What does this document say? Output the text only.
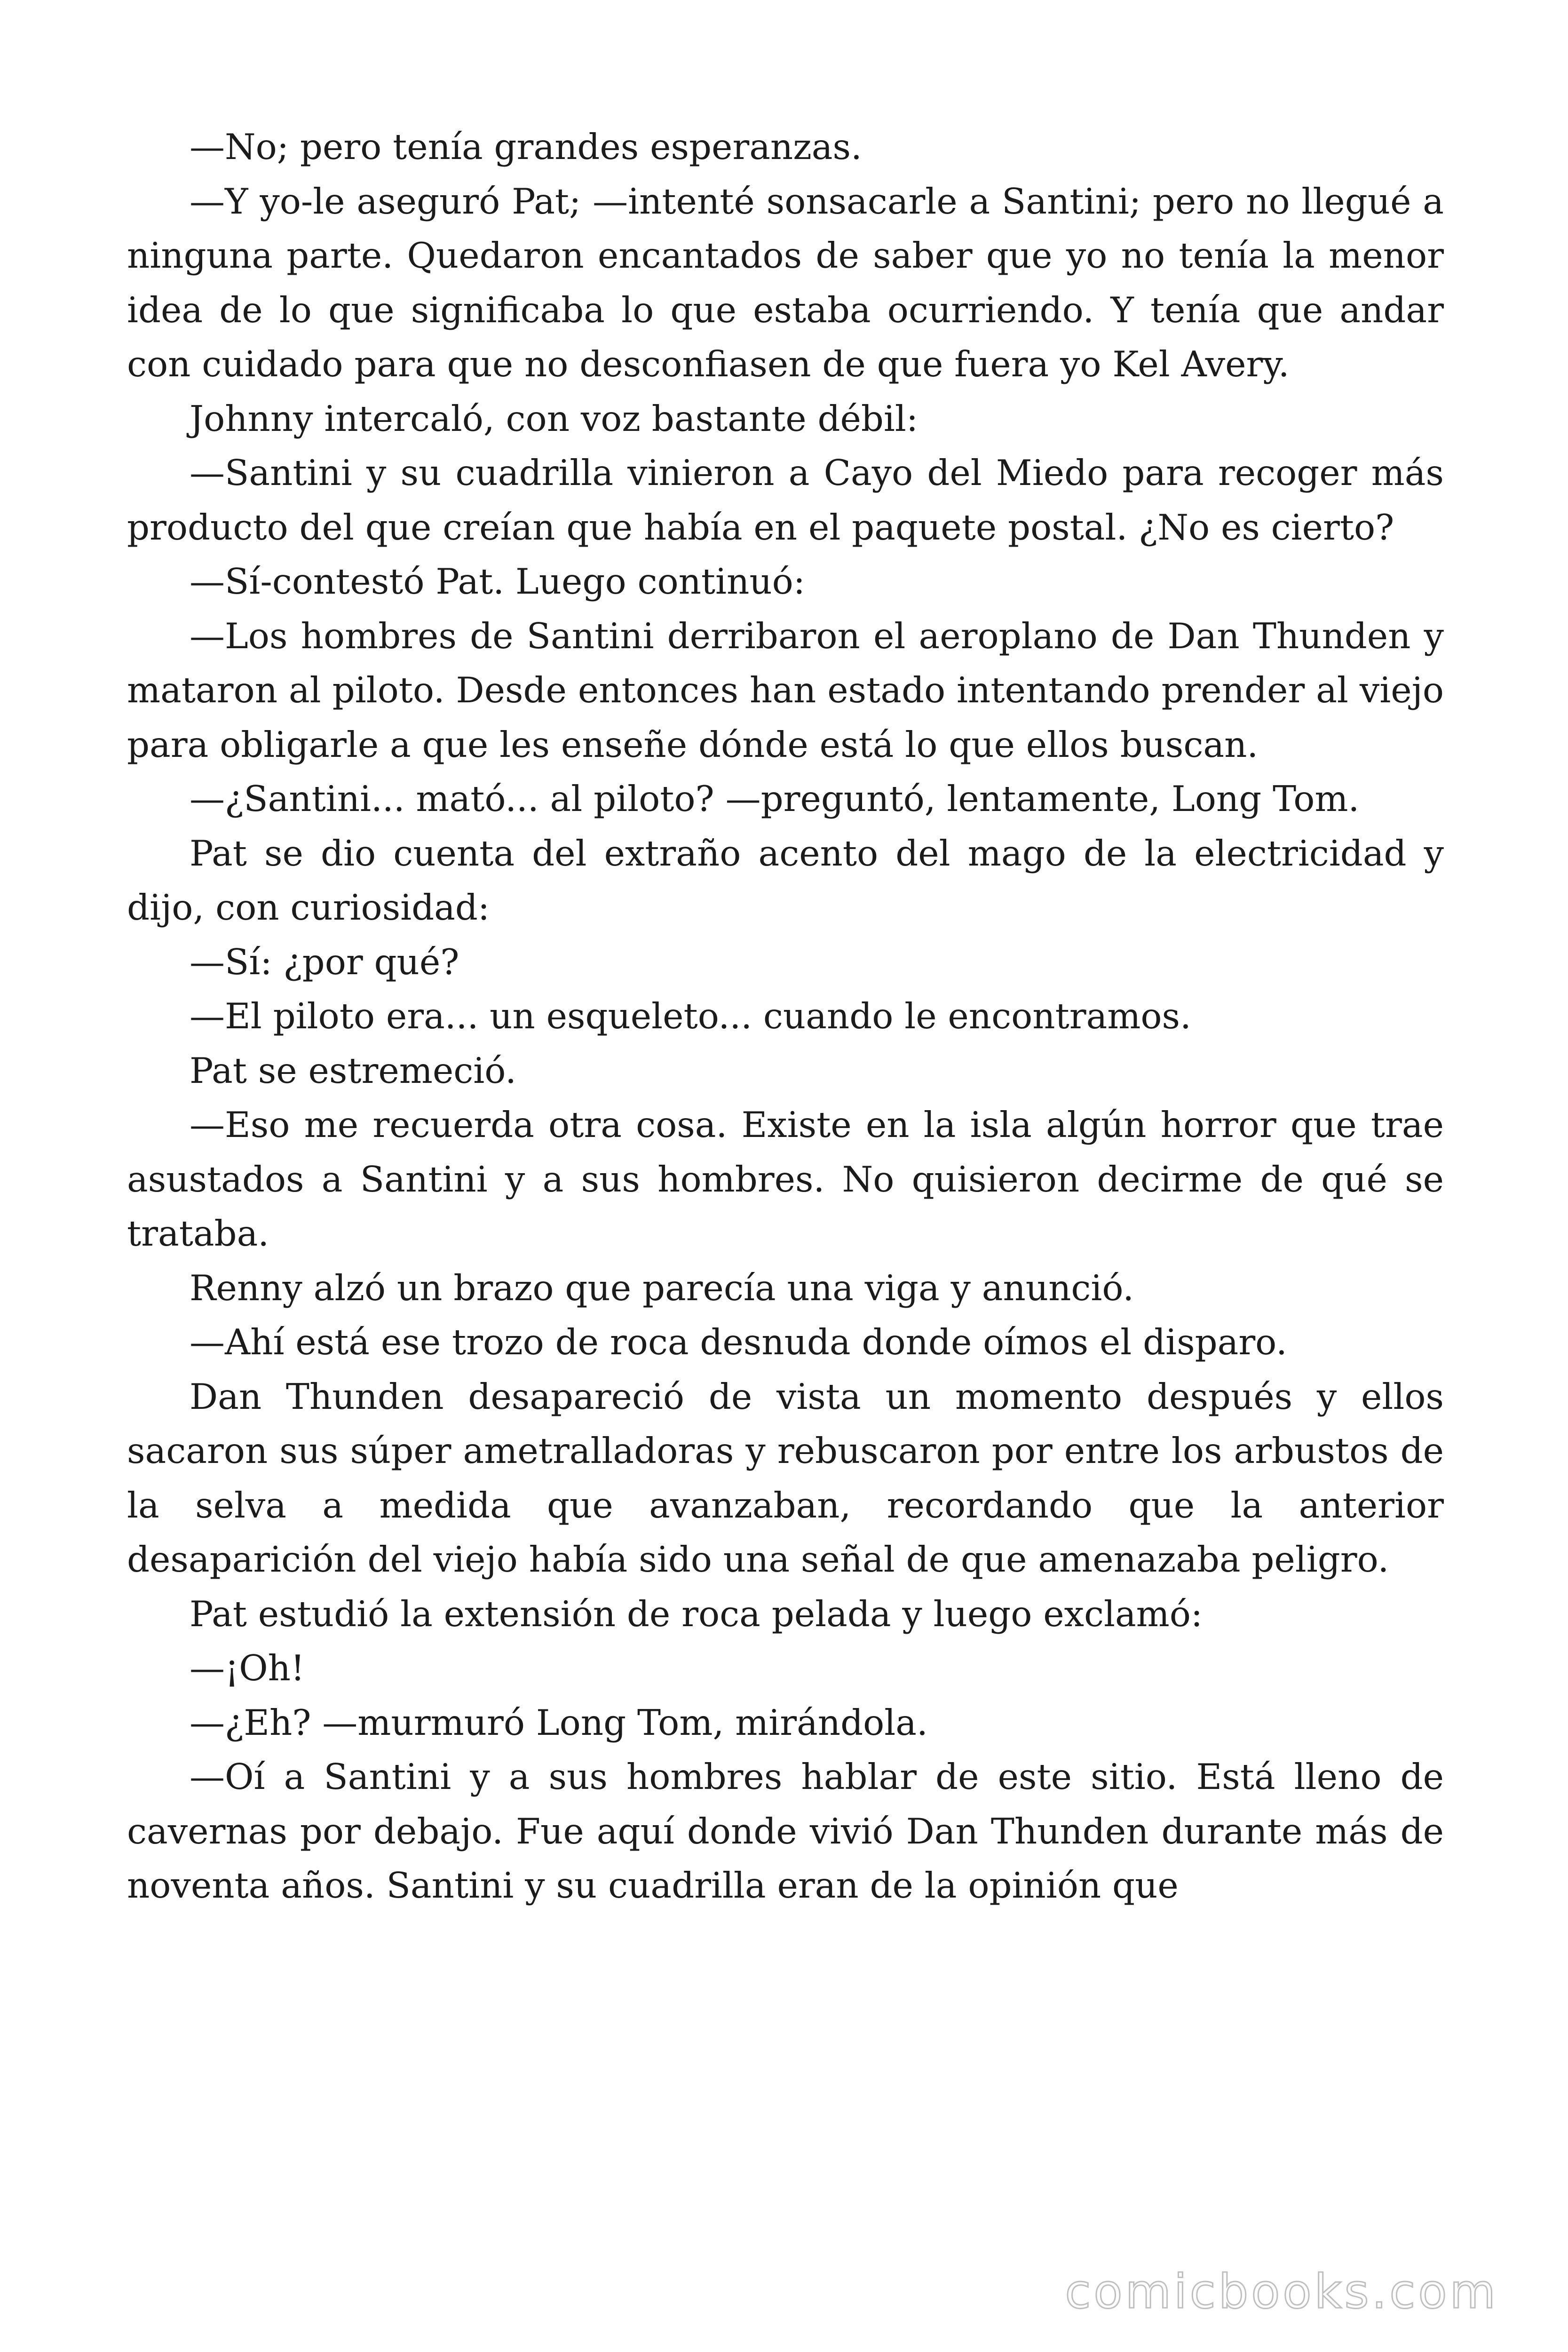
—No; pero tenía grandes esperanzas.

—Y yo-le aseguró Pat; —intenté sonsacarle a Santini; pero no llegué a ninguna parte. Quedaron encantados de saber que yo no tenía la menor idea de lo que significaba lo que estaba ocurriendo. Y tenía que andar con cuidado para que no desconfiasen de que fuera yo Kel Avery.

Johnny intercaló, con voz bastante débil:

—Santini y su cuadrilla vinieron a Cayo del Miedo para recoger más producto del que creían que había en el paquete postal. ¿No es cierto?

—Sí-contestó Pat. Luego continuó:

—Los hombres de Santini derribaron el aeroplano de Dan Thunden y mataron al piloto. Desde entonces han estado intentando prender al viejo para obligarle a que les enseñe dónde está lo que ellos buscan.

—¿Santini... mató... al piloto? —preguntó, lentamente, Long Tom.

Pat se dio cuenta del extraño acento del mago de la electricidad y dijo, con curiosidad:

—Sí: ¿por qué?

—El piloto era... un esqueleto... cuando le encontramos.

Pat se estremeció.

—Eso me recuerda otra cosa. Existe en la isla algún horror que trae asustados a Santini y a sus hombres. No quisieron decirme de qué se trataba.

Renny alzó un brazo que parecía una viga y anunció.

—Ahí está ese trozo de roca desnuda donde oímos el disparo.

Dan Thunden desapareció de vista un momento después y ellos sacaron sus súper ametralladoras y rebuscaron por entre los arbustos de la selva a medida que avanzaban, recordando que la anterior desaparición del viejo había sido una señal de que amenazaba peligro.

Pat estudió la extensión de roca pelada y luego exclamó:

—¡Oh!

—¿Eh? —murmuró Long Tom, mirándola.

—Oí a Santini y a sus hombres hablar de este sitio. Está lleno de cavernas por debajo. Fue aquí donde vivió Dan Thunden durante más de noventa años. Santini y su cuadrilla eran de la opinión que

comicbooks.com
